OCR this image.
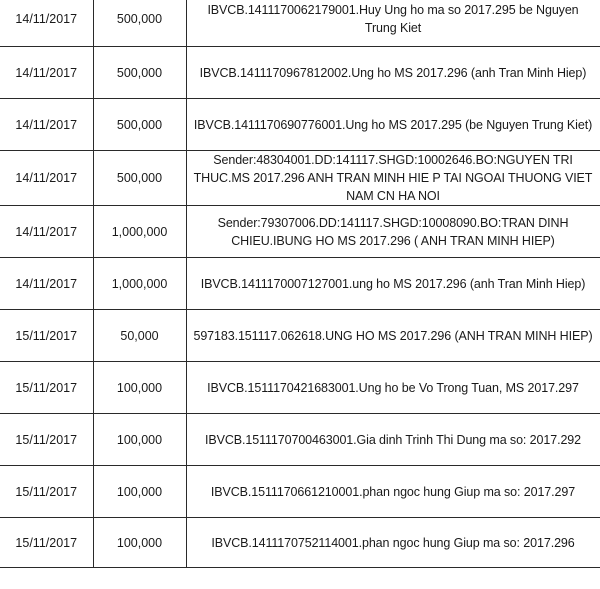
14/11/2017	500,000	IBVCB.1411170062179001.Huy Ung ho ma so 2017.295 be Nguyen Trung Kiet
14/11/2017	500,000	IBVCB.1411170967812002.Ung ho MS 2017.296 (anh Tran Minh Hiep)
14/11/2017	500,000	IBVCB.1411170690776001.Ung ho MS 2017.295 (be Nguyen Trung Kiet)
14/11/2017	500,000	Sender:48304001.DD:141117.SHGD:10002646.BO:NGUYEN TRI THUC.MS 2017.296 ANH TRAN MINH HIE P TAI NGOAI THUONG VIET NAM CN HA NOI
14/11/2017	1,000,000	Sender:79307006.DD:141117.SHGD:10008090.BO:TRAN DINH CHIEU.IBUNG HO MS 2017.296 ( ANH TRAN MINH HIEP)
14/11/2017	1,000,000	IBVCB.1411170007127001.ung ho MS 2017.296 (anh Tran Minh Hiep)
15/11/2017	50,000	597183.151117.062618.UNG HO MS 2017.296 (ANH TRAN MINH HIEP)
15/11/2017	100,000	IBVCB.1511170421683001.Ung ho be Vo Trong Tuan, MS 2017.297
15/11/2017	100,000	IBVCB.1511170700463001.Gia dinh Trinh Thi Dung ma so: 2017.292
15/11/2017	100,000	IBVCB.1511170661210001.phan ngoc hung Giup ma so: 2017.297
15/11/2017	100,000	IBVCB.1411170752114001.phan ngoc hung Giup ma so: 2017.296
